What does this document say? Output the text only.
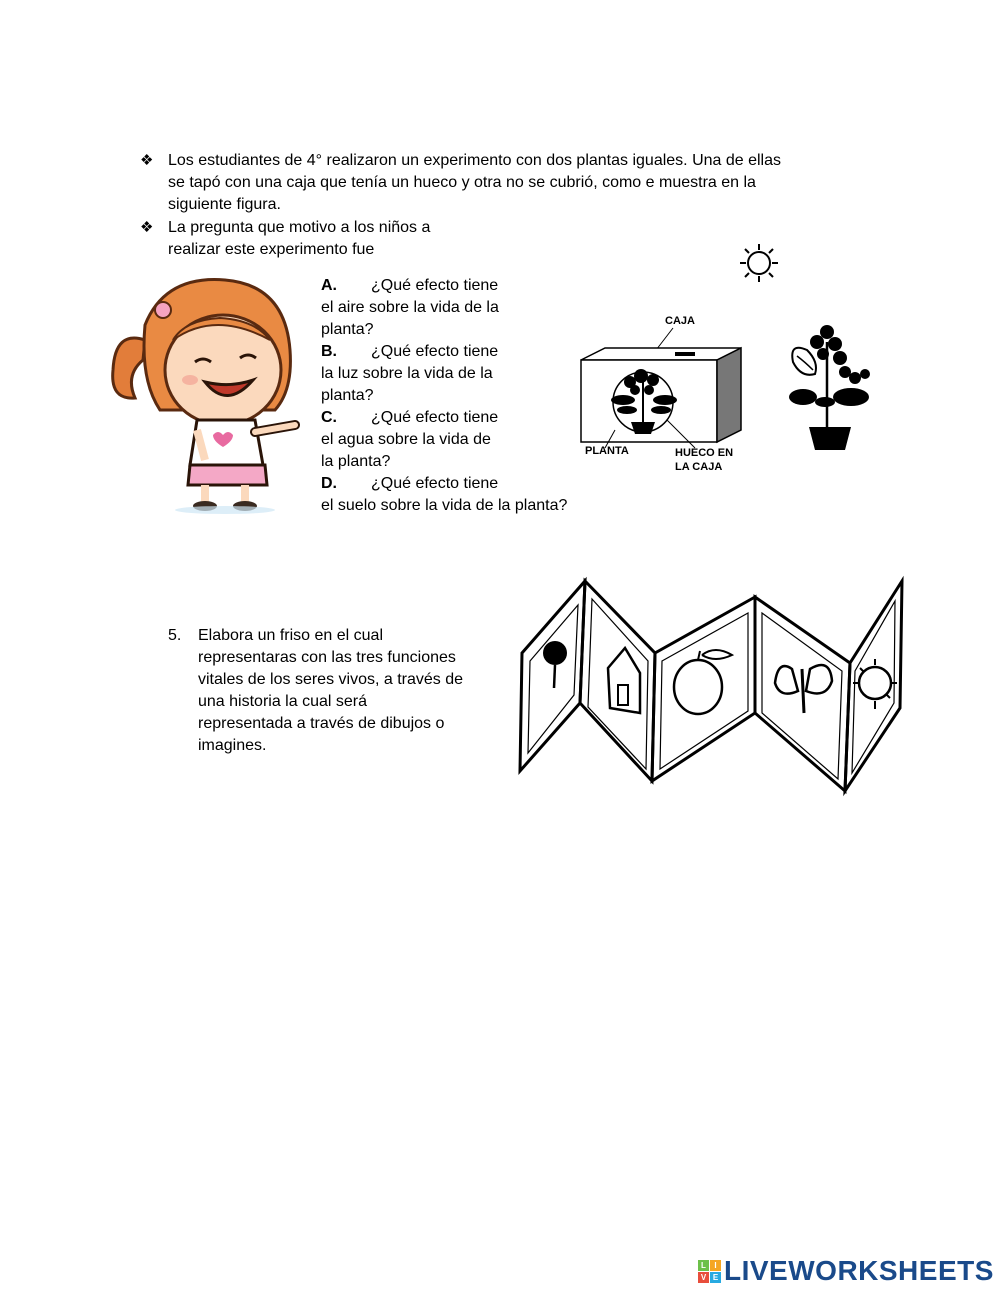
❖ Los estudiantes de 4° realizaron un experimento con dos plantas iguales. Una de ellas
se tapó con una caja que tenía un hueco y otra no se cubrió, como e muestra en la
siguiente figura.
❖ La pregunta que motivo a los niños a
realizar este experimento fue
A. ¿Qué efecto tiene
el aire sobre la vida de la
planta?
B. ¿Qué efecto tiene
la luz sobre la vida de la
planta?
C. ¿Qué efecto tiene
el agua sobre la vida de
la planta?
D. ¿Qué efecto tiene
el suelo sobre la vida de la planta?
CAJA
PLANTA	HUECO EN
LA CAJA
5. Elabora un friso en el cual
representaras con las tres funciones
vitales de los seres vivos, a través de
una historia la cual será
representada a través de dibujos o
imagines.
L	I
V E LIVEWORKSHEETS
